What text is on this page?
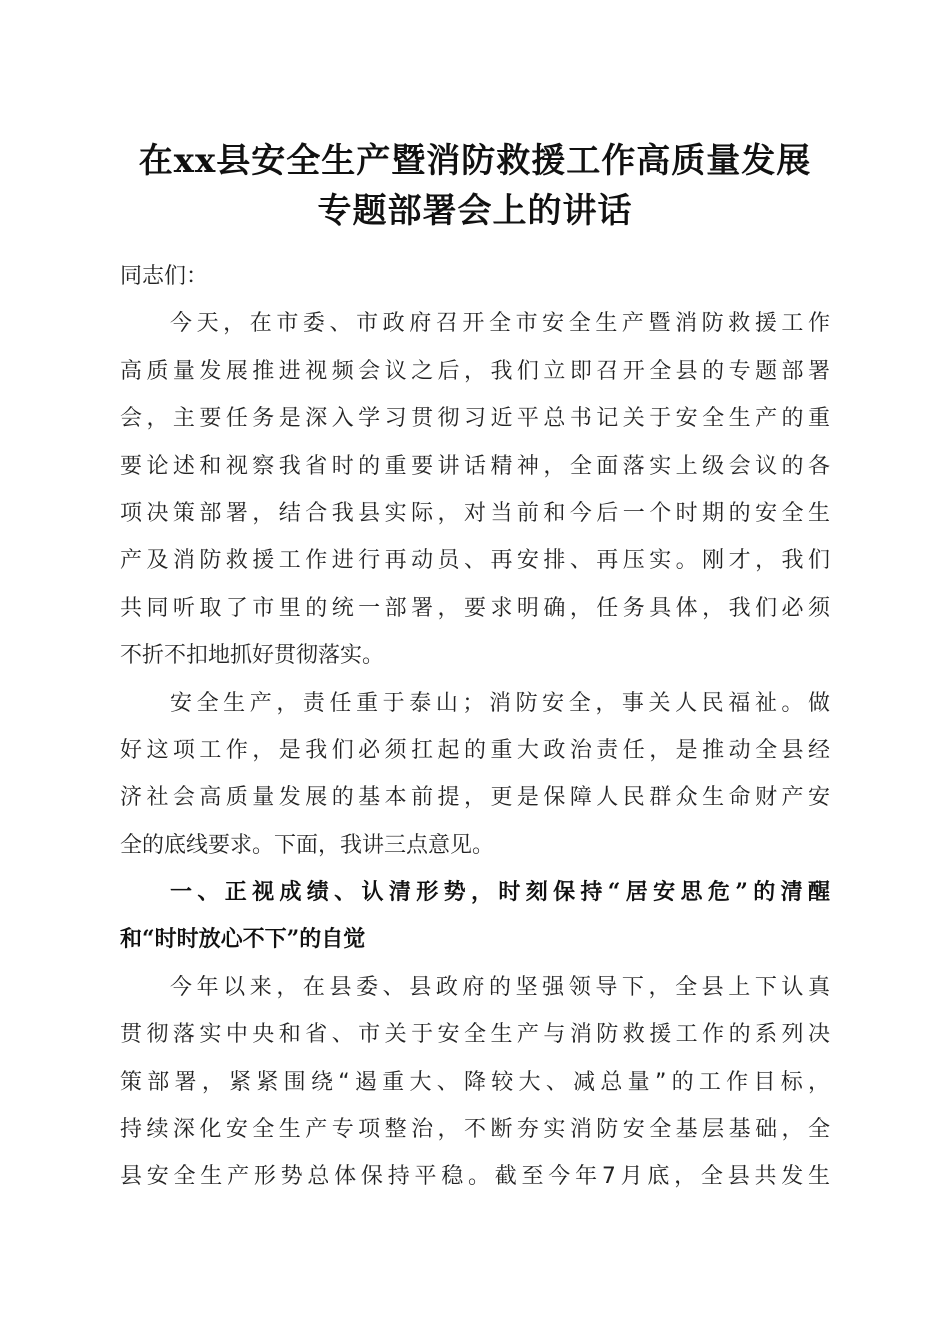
在xx县安全生产暨消防救援工作高质量发展
专题部署会上的讲话

同志们：

今天，在市委、市政府召开全市安全生产暨消防救援工作
高质量发展推进视频会议之后，我们立即召开全县的专题部署
会，主要任务是深入学习贯彻习近平总书记关于安全生产的重
要论述和视察我省时的重要讲话精神，全面落实上级会议的各
项决策部署，结合我县实际，对当前和今后一个时期的安全生
产及消防救援工作进行再动员、再安排、再压实。刚才，我们
共同听取了市里的统一部署，要求明确，任务具体，我们必须
不折不扣地抓好贯彻落实。

安全生产，责任重于泰山；消防安全，事关人民福祉。做
好这项工作，是我们必须扛起的重大政治责任，是推动全县经
济社会高质量发展的基本前提，更是保障人民群众生命财产安
全的底线要求。下面，我讲三点意见。

一、正视成绩、认清形势，时刻保持“居安思危”的清醒
和“时时放心不下”的自觉

今年以来，在县委、县政府的坚强领导下，全县上下认真
贯彻落实中央和省、市关于安全生产与消防救援工作的系列决
策部署，紧紧围绕“遏重大、降较大、减总量”的工作目标，
持续深化安全生产专项整治，不断夯实消防安全基层基础，全
县安全生产形势总体保持平稳。截至今年7月底，全县共发生
